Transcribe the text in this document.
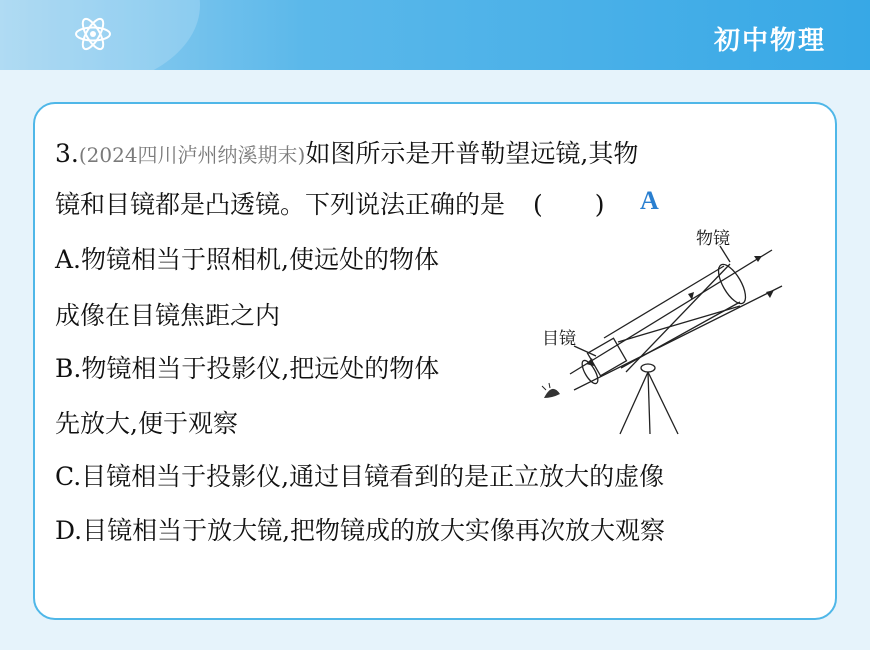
初中物理
3.(2024四川泸州纳溪期末)如图所示是开普勒望远镜,其物
镜和目镜都是凸透镜。下列说法正确的是 ( ) A
A.物镜相当于照相机,使远处的物体
成像在目镜焦距之内
B.物镜相当于投影仪,把远处的物体
先放大,便于观察
C.目镜相当于投影仪,通过目镜看到的是正立放大的虚像
D.目镜相当于放大镜,把物镜成的放大实像再次放大观察
物镜
目镜
